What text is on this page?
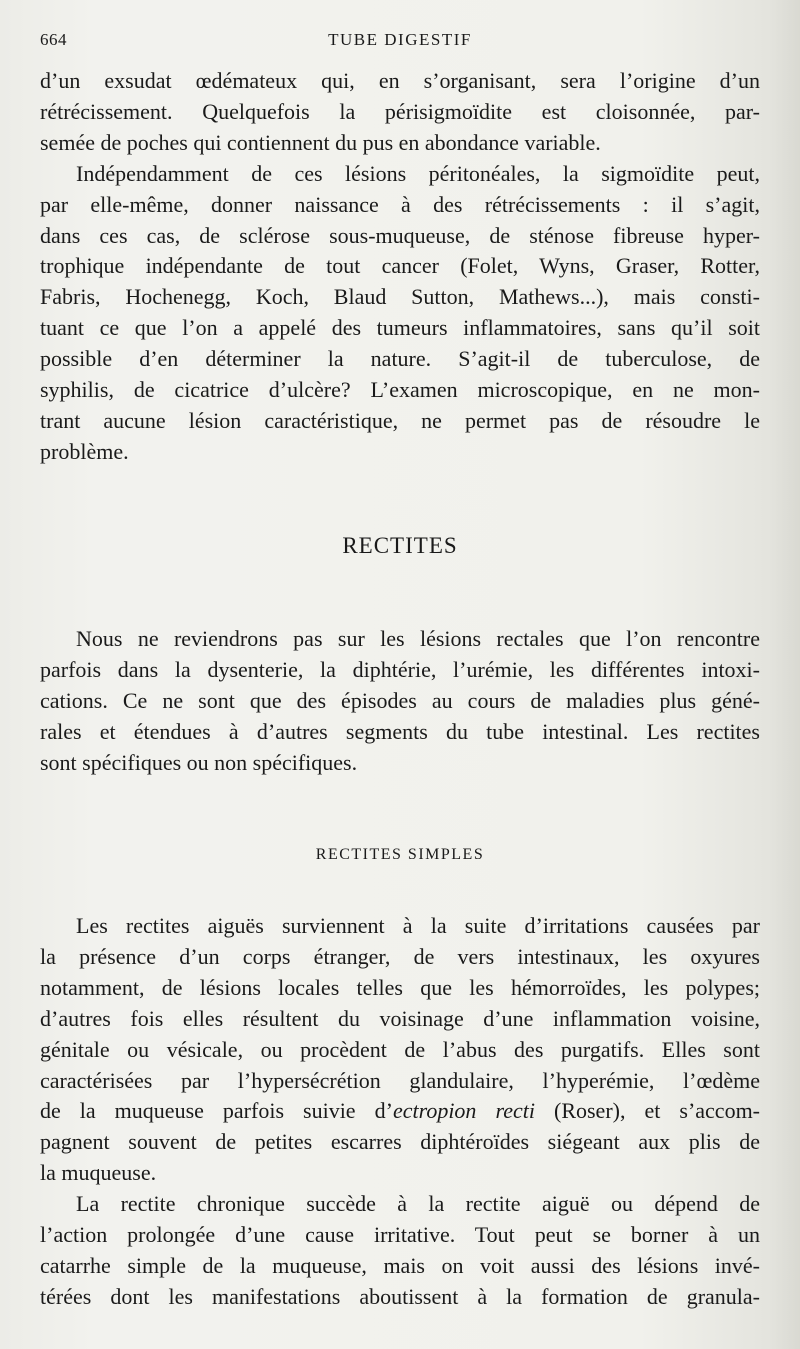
664	TUBE DIGESTIF

d’un exsudat œdémateux qui, en s’organisant, sera l’origine d’un
rétrécissement. Quelquefois la périsigmoïdite est cloisonnée, par-
semée de poches qui contiennent du pus en abondance variable.

Indépendamment de ces lésions péritonéales, la sigmoïdite peut,
par elle-même, donner naissance à des rétrécissements : il s’agit,
dans ces cas, de sclérose sous-muqueuse, de sténose fibreuse hyper-
trophique indépendante de tout cancer (Folet, Wyns, Graser, Rotter,
Fabris, Hochenegg, Koch, Blaud Sutton, Mathews...), mais consti-
tuant ce que l’on a appelé des tumeurs inflammatoires, sans qu’il soit
possible d’en déterminer la nature. S’agit-il de tuberculose, de
syphilis, de cicatrice d’ulcère? L’examen microscopique, en ne mon-
trant aucune lésion caractéristique, ne permet pas de résoudre le
problème.

RECTITES

Nous ne reviendrons pas sur les lésions rectales que l’on rencontre
parfois dans la dysenterie, la diphtérie, l’urémie, les différentes intoxi-
cations. Ce ne sont que des épisodes au cours de maladies plus géné-
rales et étendues à d’autres segments du tube intestinal. Les rectites
sont spécifiques ou non spécifiques.

RECTITES SIMPLES

Les rectites aiguës surviennent à la suite d’irritations causées par
la présence d’un corps étranger, de vers intestinaux, les oxyures
notamment, de lésions locales telles que les hémorroïdes, les polypes;
d’autres fois elles résultent du voisinage d’une inflammation voisine,
génitale ou vésicale, ou procèdent de l’abus des purgatifs. Elles sont
caractérisées par l’hypersécrétion glandulaire, l’hyperémie, l’œdème
de la muqueuse parfois suivie d’ectropion recti (Roser), et s’accom-
pagnent souvent de petites escarres diphtéroïdes siégeant aux plis de
la muqueuse.

La rectite chronique succède à la rectite aiguë ou dépend de
l’action prolongée d’une cause irritative. Tout peut se borner à un
catarrhe simple de la muqueuse, mais on voit aussi des lésions invé-
térées dont les manifestations aboutissent à la formation de granula-
